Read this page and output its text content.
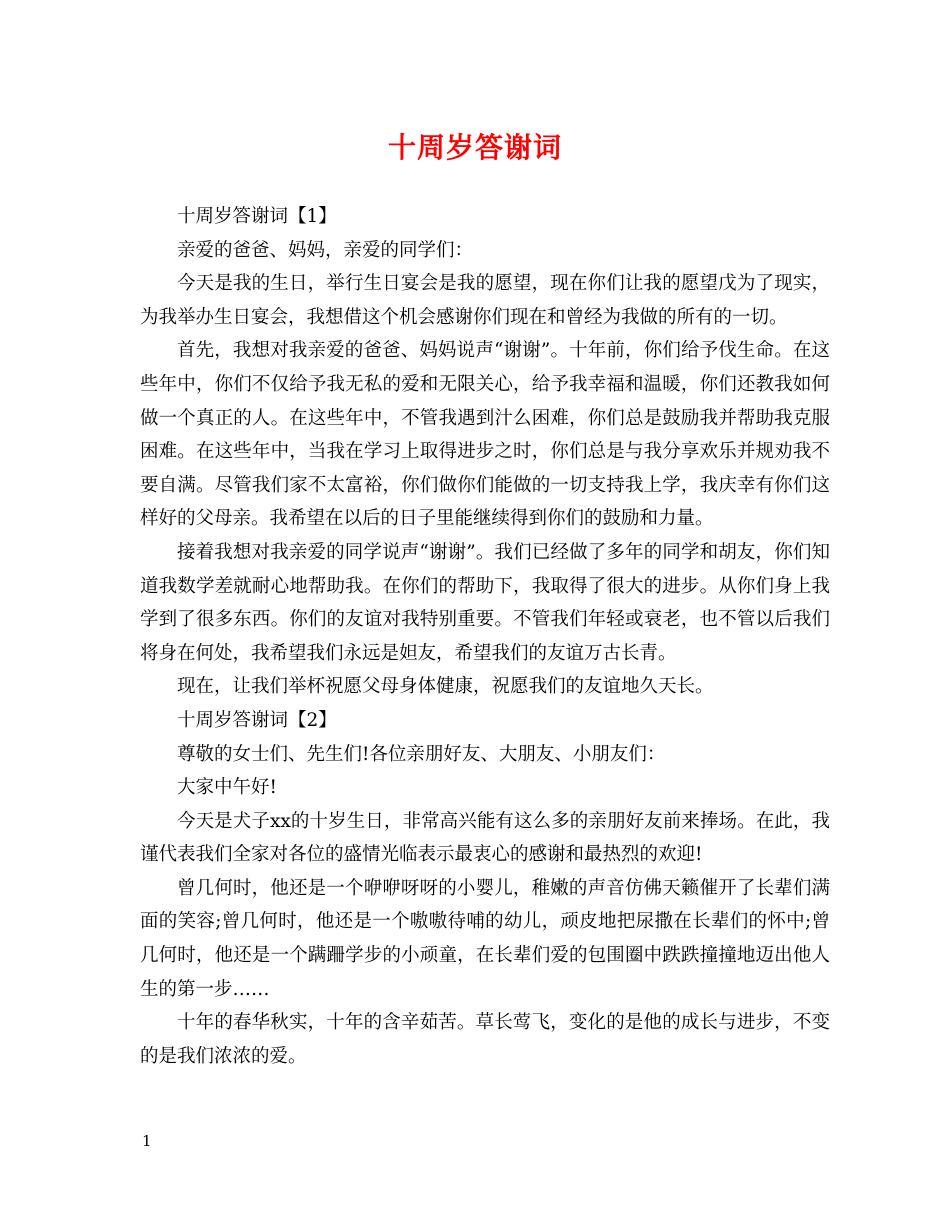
十周岁答谢词

十周岁答谢词【1】

亲爱的爸爸、妈妈，亲爱的同学们：

今天是我的生日，举行生日宴会是我的愿望，现在你们让我的愿望戊为了现实，为我举办生日宴会，我想借这个机会感谢你们现在和曾经为我做的所有的一切。

首先，我想对我亲爱的爸爸、妈妈说声“谢谢”。十年前，你们给予伐生命。在这些年中，你们不仅给予我无私的爱和无限关心，给予我幸福和温暖，你们还教我如何做一个真正的人。在这些年中，不管我遇到汁么困难，你们总是鼓励我并帮助我克服困难。在这些年中，当我在学习上取得进步之时，你们总是与我分享欢乐并规劝我不要自满。尽管我们家不太富裕，你们做你们能做的一切支持我上学，我庆幸有你们这样好的父母亲。我希望在以后的日子里能继续得到你们的鼓励和力量。

接着我想对我亲爱的同学说声“谢谢”。我们已经做了多年的同学和胡友，你们知道我数学差就耐心地帮助我。在你们的帮助下，我取得了很大的进步。从你们身上我学到了很多东西。你们的友谊对我特别重要。不管我们年轻或衰老，也不管以后我们将身在何处，我希望我们永远是妲友，希望我们的友谊万古长青。

现在，让我们举杯祝愿父母身体健康，祝愿我们的友谊地久天长。

十周岁答谢词【2】

尊敬的女士们、先生们!各位亲朋好友、大朋友、小朋友们：

大家中午好!

今天是犬子xx的十岁生日，非常高兴能有这么多的亲朋好友前来捧场。在此，我谨代表我们全家对各位的盛情光临表示最衷心的感谢和最热烈的欢迎!

曾几何时，他还是一个咿咿呀呀的小婴儿，稚嫩的声音仿佛天籁催开了长辈们满面的笑容;曾几何时，他还是一个嗷嗷待哺的幼儿，顽皮地把尿撒在长辈们的怀中;曾几何时，他还是一个蹒跚学步的小顽童，在长辈们爱的包围圈中跌跌撞撞地迈出他人生的第一步……

十年的春华秋实，十年的含辛茹苦。草长莺飞，变化的是他的成长与进步，不变的是我们浓浓的爱。

1
